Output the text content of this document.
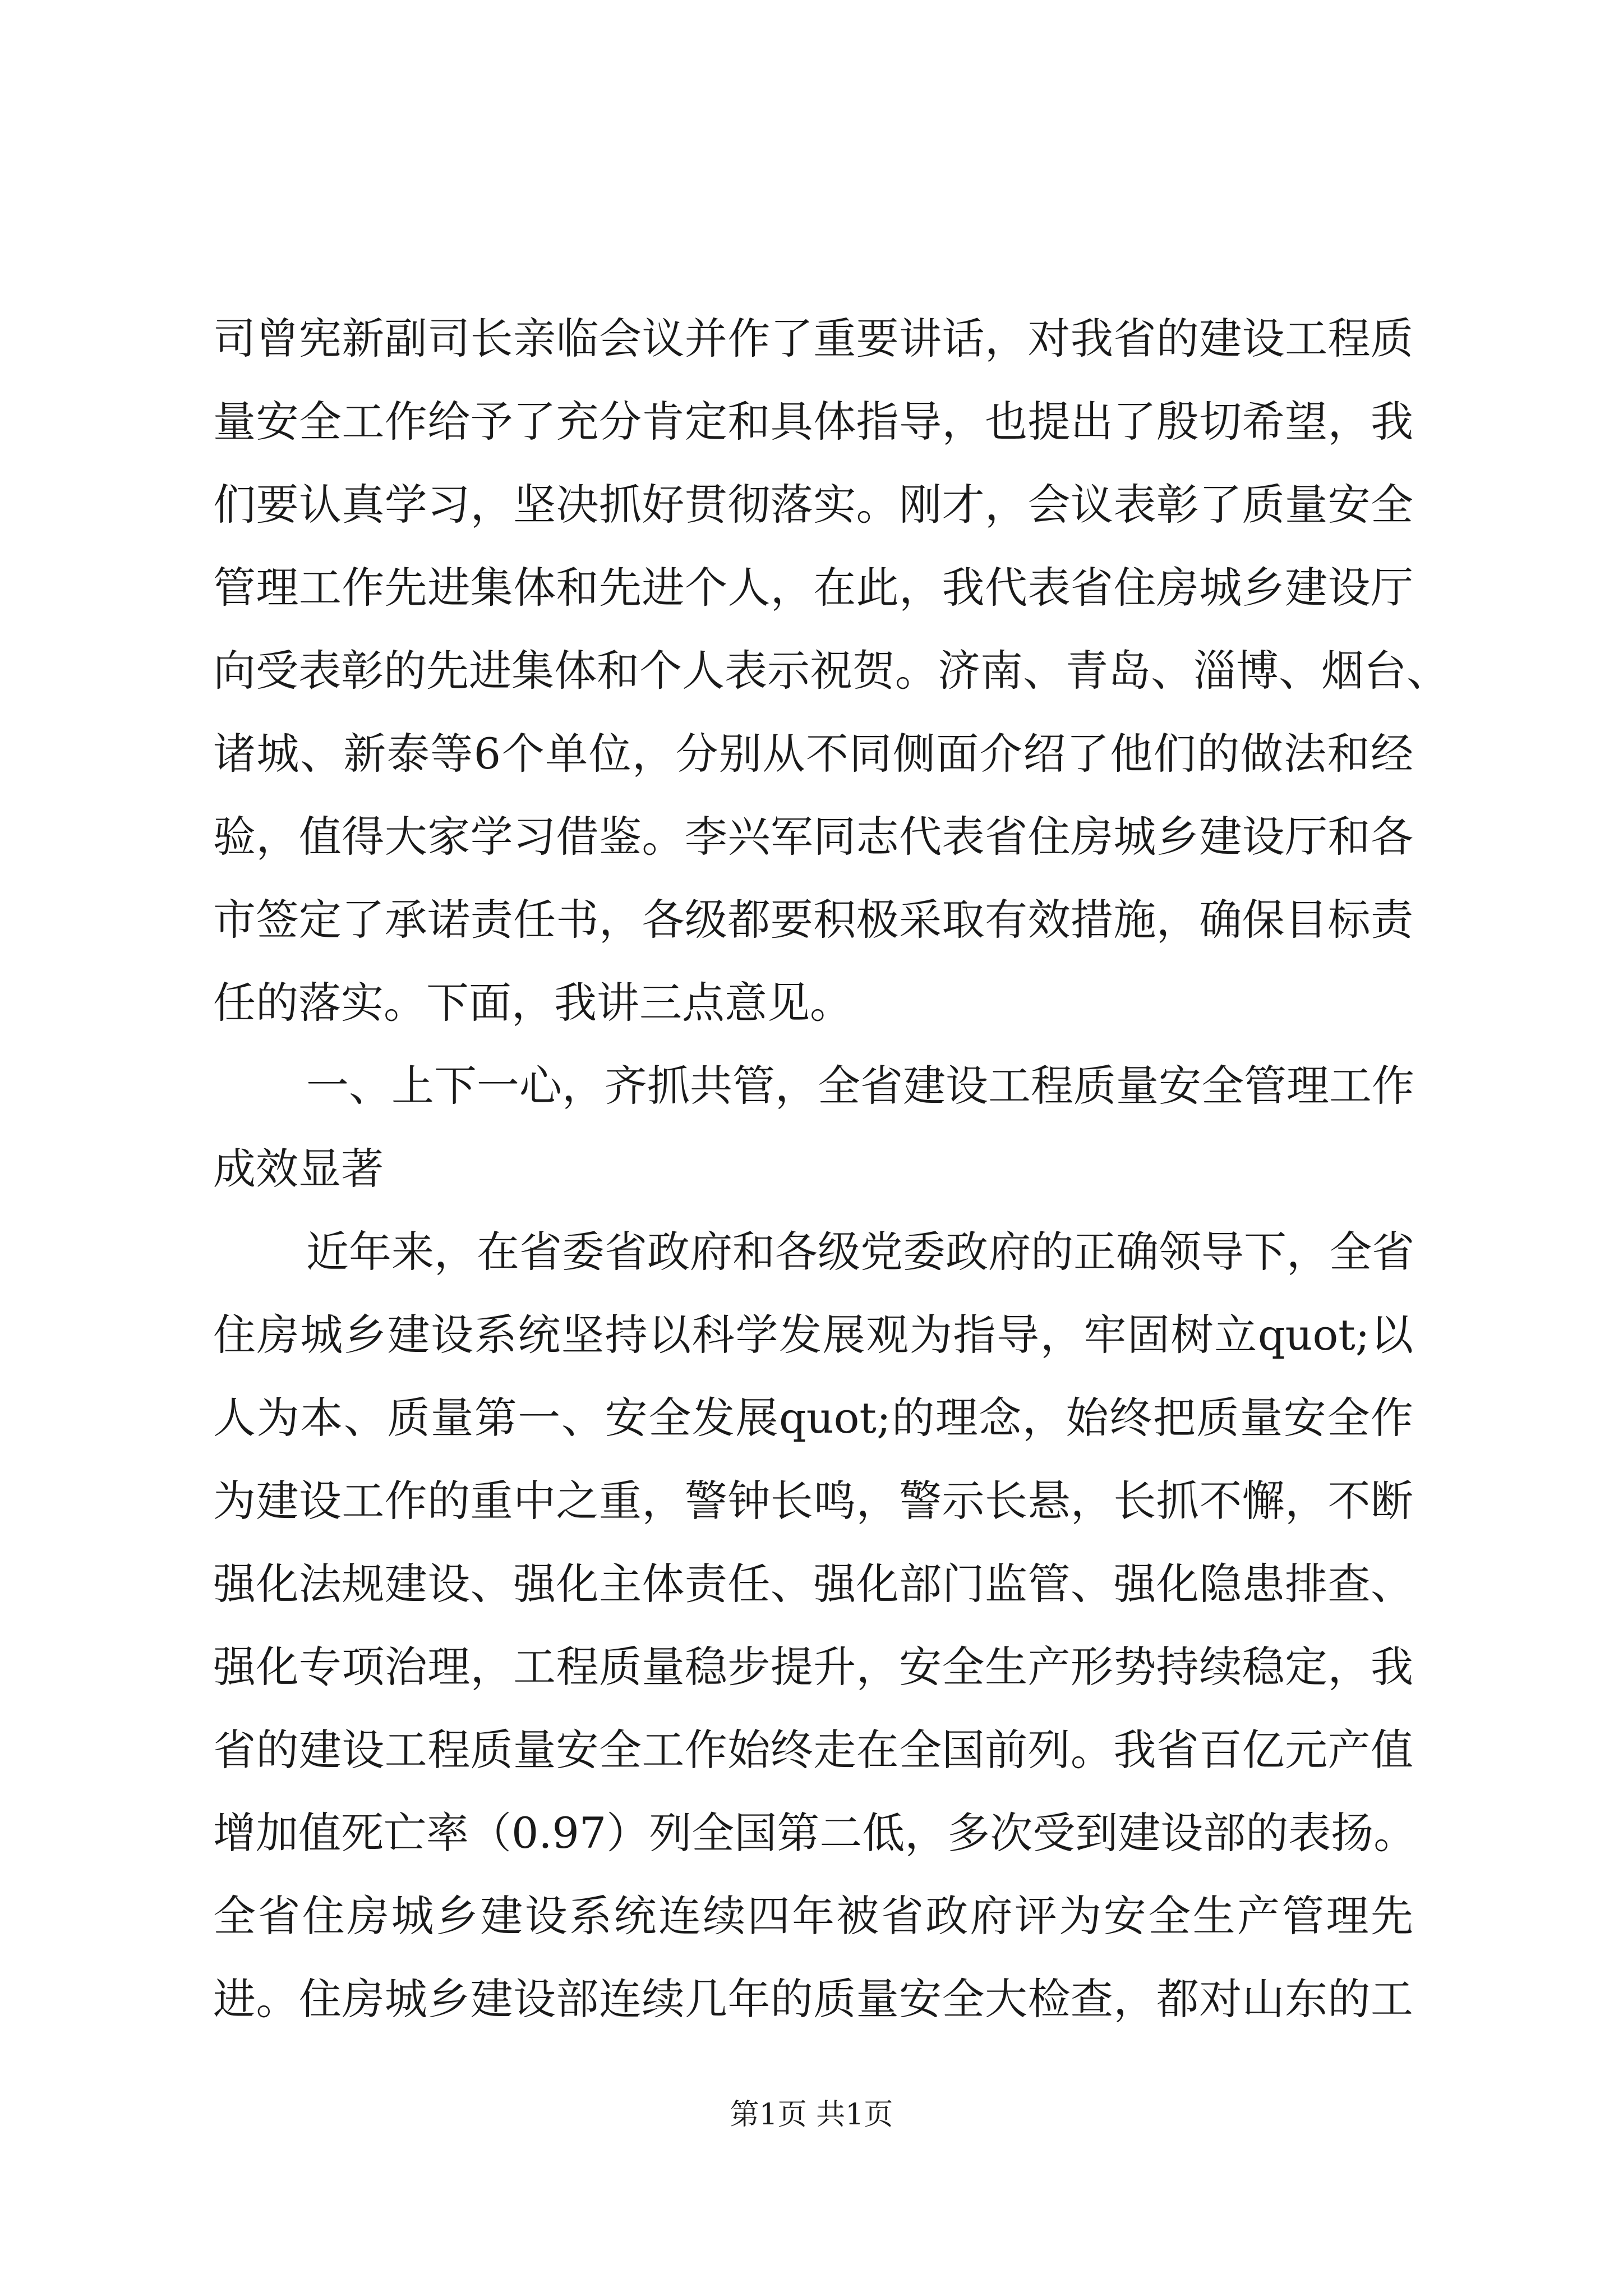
司曾宪新副司长亲临会议并作了重要讲话，对我省的建设工程质
量安全工作给予了充分肯定和具体指导，也提出了殷切希望，我
们要认真学习，坚决抓好贯彻落实。刚才，会议表彰了质量安全
管理工作先进集体和先进个人，在此，我代表省住房城乡建设厅
向受表彰的先进集体和个人表示祝贺。济南、青岛、淄博、烟台、
诸城、新泰等6个单位，分别从不同侧面介绍了他们的做法和经
验，值得大家学习借鉴。李兴军同志代表省住房城乡建设厅和各
市签定了承诺责任书，各级都要积极采取有效措施，确保目标责
任的落实。下面，我讲三点意见。
一、上下一心，齐抓共管，全省建设工程质量安全管理工作
成效显著
近年来，在省委省政府和各级党委政府的正确领导下，全省
住房城乡建设系统坚持以科学发展观为指导，牢固树立quot;以
人为本、质量第一、安全发展quot;的理念，始终把质量安全作
为建设工作的重中之重，警钟长鸣，警示长悬，长抓不懈，不断
强化法规建设、强化主体责任、强化部门监管、强化隐患排查、
强化专项治理，工程质量稳步提升，安全生产形势持续稳定，我
省的建设工程质量安全工作始终走在全国前列。我省百亿元产值
增加值死亡率（0.97）列全国第二低，多次受到建设部的表扬。
全省住房城乡建设系统连续四年被省政府评为安全生产管理先
进。住房城乡建设部连续几年的质量安全大检查，都对山东的工
第1页 共1页
